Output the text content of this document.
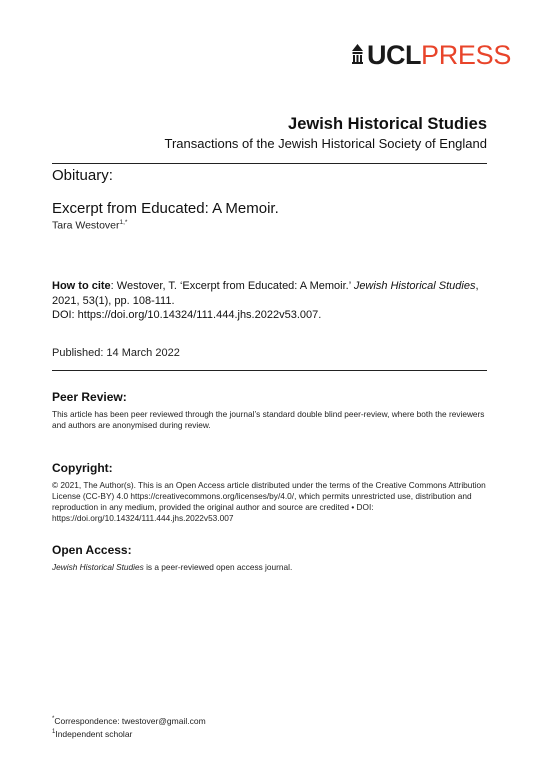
UCL PRESS
Jewish Historical Studies
Transactions of the Jewish Historical Society of England
Obituary:
Excerpt from Educated: A Memoir.
Tara Westover$^{1,*}$
How to cite: Westover, T. ‘Excerpt from Educated: A Memoir.’ Jewish Historical Studies, 2021, 53(1), pp. 108-111.
DOI: https://doi.org/10.14324/111.444.jhs.2022v53.007.
Published: 14 March 2022
Peer Review:
This article has been peer reviewed through the journal’s standard double blind peer-review, where both the reviewers and authors are anonymised during review.
Copyright:
© 2021, The Author(s). This is an Open Access article distributed under the terms of the Creative Commons Attribution License (CC-BY) 4.0 https://creativecommons.org/licenses/by/4.0/, which permits unrestricted use, distribution and reproduction in any medium, provided the original author and source are credited • DOI: https://doi.org/10.14324/111.444.jhs.2022v53.007
Open Access:
Jewish Historical Studies is a peer-reviewed open access journal.
*Correspondence: twestover@gmail.com
$^1$Independent scholar
